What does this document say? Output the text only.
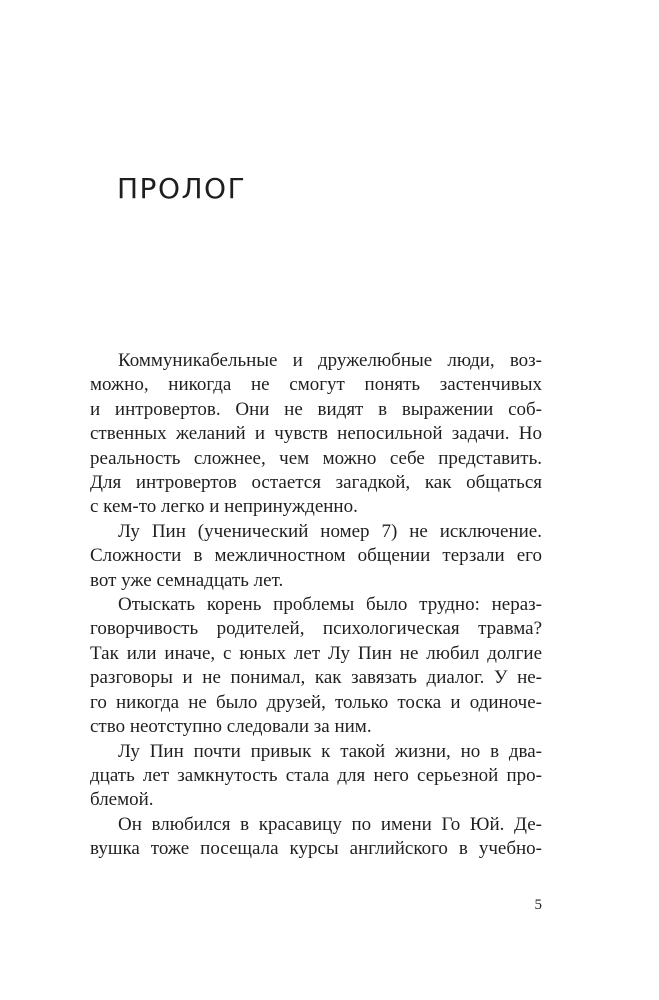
ПРОЛОГ

Коммуникабельные и дружелюбные люди, воз-
можно, никогда не смогут понять застенчивых
и интровертов. Они не видят в выражении соб-
ственных желаний и чувств непосильной задачи. Но
реальность сложнее, чем можно себе представить.
Для интровертов остается загадкой, как общаться
с кем-то легко и непринужденно.

Лу Пин (ученический номер 7) не исключение.
Сложности в межличностном общении терзали его
вот уже семнадцать лет.

Отыскать корень проблемы было трудно: нераз-
говорчивость родителей, психологическая травма?
Так или иначе, с юных лет Лу Пин не любил долгие
разговоры и не понимал, как завязать диалог. У не-
го никогда не было друзей, только тоска и одиноче-
ство неотступно следовали за ним.

Лу Пин почти привык к такой жизни, но в два-
дцать лет замкнутость стала для него серьезной про-
блемой.

Он влюбился в красавицу по имени Го Юй. Де-
вушка тоже посещала курсы английского в учебно-

5
